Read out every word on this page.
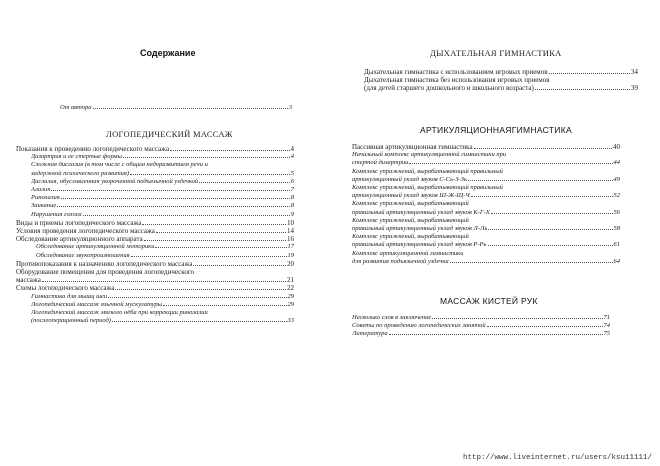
Содержание
От автора	3
ЛОГОПЕДИЧЕСКИЙ МАССАЖ
Показания к проведению логопедического массажа	4
Дизартрия и ее стертые формы	4
Сложная дислалия (в том числе с общим недоразвитием речи и
задержкой психического развития)	5
Дислалия, обусловленная укороченной подъязычной уздечкой	6
Алалия	7
Ринолалия	8
Заикание	8
Нарушения голоса	9
Виды и приемы логопедического массажа	10
Условия проведения логопедического массажа	14
Обследование артикуляционного аппарата	16
Обследование артикуляционной моторики	17
Обследование звукопроизношения	19
Противопоказания к назначению логопедического массажа	20
Оборудование помещения для проведения логопедического
массажа	21
Схемы логопедического массажа	22
Гимнастика для мышц шеи	29
Логопедический массаж язычной мускулатуры	29
Логопедический массаж мягкого нёба при коррекции ринолалии
(послеоперационный период)	33
ДЫХАТЕЛЬНАЯ ГИМНАСТИКА
Дыхательная гимнастика с использованием игровых приемов	34
Дыхательная гимнастика без использования игровых приемов
(для детей старшего дошкольного и школьного возраста)	39
АРТИКУЛЯЦИОННАЯГИМНАСТИКА
Пассивная артикуляционная гимнастика	40
Начальный комплекс артикуляционной гимнастики при
стертой дизартрии	44
Комплекс упражнений, вырабатывающий правильный
артикуляционный уклад звуков С-Сь-З-Зь	49
Комплекс упражнений, вырабатывающий правильный
артикуляционный уклад звуков Ш-Ж-Щ-Ч	52
Комплекс упражнений, вырабатывающий
правильный артикуляционный уклад звуков К-Г-Х	56
Комплекс упражнений, вырабатывающий
правильный артикуляционный уклад звуков Л-Ль	58
Комплекс упражнений, вырабатывающий
правильный артикуляционный уклад звуков Р-Рь	61
Комплекс артикуляционной гимнастики
для развития подъязычной уздечки	64
МАССАЖ КИСТЕЙ РУК
Несколько слов в заключение	71
Советы по проведению логопедических занятий	74
Литература	75
http://www.liveinternet.ru/users/ksu11111/
